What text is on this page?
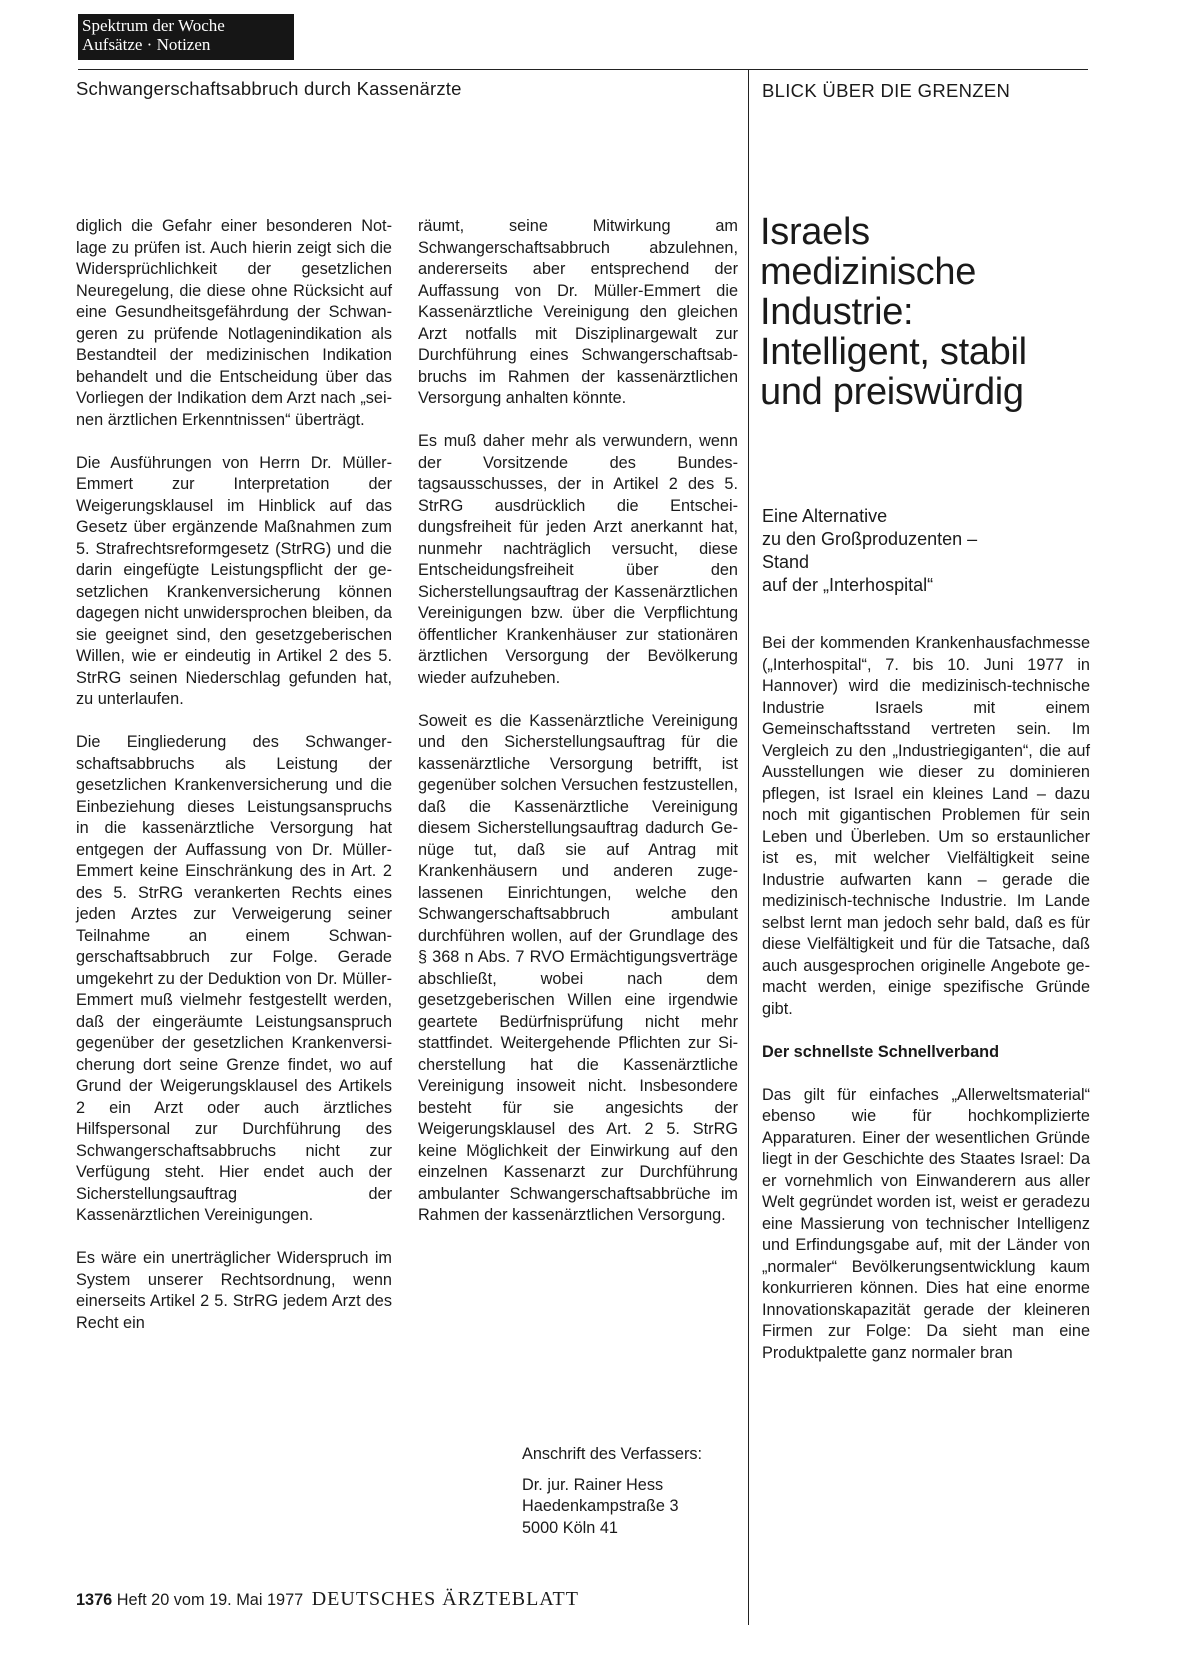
Spektrum der Woche
Aufsätze · Notizen
Schwangerschaftsabbruch durch Kassenärzte	BLICK ÜBER DIE GRENZEN

diglich die Gefahr einer besonderen Notlage zu prüfen ist. Auch hierin zeigt sich die Widersprüchlichkeit der gesetzlichen Neuregelung, die diese ohne Rücksicht auf eine Gesundheitsgefährdung der Schwangeren zu prüfende Notlagenindikation als Bestandteil der medizinischen Indikation behandelt und die Entscheidung über das Vorliegen der Indikation dem Arzt nach „seinen ärztlichen Erkenntnissen“ überträgt.

Die Ausführungen von Herrn Dr. Müller-Emmert zur Interpretation der Weigerungsklausel im Hinblick auf das Gesetz über ergänzende Maßnahmen zum 5. Strafrechtsreformgesetz (StrRG) und die darin eingefügte Leistungspflicht der gesetzlichen Krankenversicherung können dagegen nicht unwidersprochen bleiben, da sie geeignet sind, den gesetzgeberischen Willen, wie er eindeutig in Artikel 2 des 5. StrRG seinen Niederschlag gefunden hat, zu unterlaufen.

Die Eingliederung des Schwangerschaftsabbruchs als Leistung der gesetzlichen Krankenversicherung und die Einbeziehung dieses Leistungsanspruchs in die kassenärztliche Versorgung hat entgegen der Auffassung von Dr. Müller-Emmert keine Einschränkung des in Art. 2 des 5. StrRG verankerten Rechts eines jeden Arztes zur Verweigerung seiner Teilnahme an einem Schwangerschaftsabbruch zur Folge. Gerade umgekehrt zu der Deduktion von Dr. Müller-Emmert muß vielmehr festgestellt werden, daß der eingeräumte Leistungsanspruch gegenüber der gesetzlichen Krankenversicherung dort seine Grenze findet, wo auf Grund der Weigerungsklausel des Artikels 2 ein Arzt oder auch ärztliches Hilfspersonal zur Durchführung des Schwangerschaftsabbruchs nicht zur Verfügung steht. Hier endet auch der Sicherstellungsauftrag der Kassenärztlichen Vereinigungen.

Es wäre ein unerträglicher Widerspruch im System unserer Rechtsordnung, wenn einerseits Artikel 2 5. StrRG jedem Arzt des Recht ein

räumt, seine Mitwirkung am Schwangerschaftsabbruch abzulehnen, andererseits aber entsprechend der Auffassung von Dr. Müller-Emmert die Kassenärztliche Vereinigung den gleichen Arzt notfalls mit Disziplinargewalt zur Durchführung eines Schwangerschaftsabbruchs im Rahmen der kassenärztlichen Versorgung anhalten könnte.

Es muß daher mehr als verwundern, wenn der Vorsitzende des Bundestagsausschusses, der in Artikel 2 des 5. StrRG ausdrücklich die Entscheidungsfreiheit für jeden Arzt anerkannt hat, nunmehr nachträglich versucht, diese Entscheidungsfreiheit über den Sicherstellungsauftrag der Kassenärztlichen Vereinigungen bzw. über die Verpflichtung öffentlicher Krankenhäuser zur stationären ärztlichen Versorgung der Bevölkerung wieder aufzuheben.

Soweit es die Kassenärztliche Vereinigung und den Sicherstellungsauftrag für die kassenärztliche Versorgung betrifft, ist gegenüber solchen Versuchen festzustellen, daß die Kassenärztliche Vereinigung diesem Sicherstellungsauftrag dadurch Genüge tut, daß sie auf Antrag mit Krankenhäusern und anderen zugelassenen Einrichtungen, welche den Schwangerschaftsabbruch ambulant durchführen wollen, auf der Grundlage des § 368 n Abs. 7 RVO Ermächtigungsverträge abschließt, wobei nach dem gesetzgeberischen Willen eine irgendwie geartete Bedürfnisprüfung nicht mehr stattfindet. Weitergehende Pflichten zur Sicherstellung hat die Kassenärztliche Vereinigung insoweit nicht. Insbesondere besteht für sie angesichts der Weigerungsklausel des Art. 2 5. StrRG keine Möglichkeit der Einwirkung auf den einzelnen Kassenarzt zur Durchführung ambulanter Schwangerschaftsabbrüche im Rahmen der kassenärztlichen Versorgung.

Anschrift des Verfassers:
Dr. jur. Rainer Hess
Haedenkampstraße 3
5000 Köln 41
Israels medizinische Industrie: Intelligent, stabil und preiswürdig
Eine Alternative
zu den Großproduzenten –
Stand
auf der „Interhospital“

Bei der kommenden Krankenhausfachmesse („Interhospital“, 7. bis 10. Juni 1977 in Hannover) wird die medizinisch-technische Industrie Israels mit einem Gemeinschaftsstand vertreten sein. Im Vergleich zu den „Industriegiganten“, die auf Ausstellungen wie dieser zu dominieren pflegen, ist Israel ein kleines Land – dazu noch mit gigantischen Problemen für sein Leben und Überleben. Um so erstaunlicher ist es, mit welcher Vielfältigkeit seine Industrie aufwarten kann – gerade die medizinisch-technische Industrie. Im Lande selbst lernt man jedoch sehr bald, daß es für diese Vielfältigkeit und für die Tatsache, daß auch ausgesprochen originelle Angebote gemacht werden, einige spezifische Gründe gibt.

Der schnellste Schnellverband

Das gilt für einfaches „Allerweltsmaterial“ ebenso wie für hochkomplizierte Apparaturen. Einer der wesentlichen Gründe liegt in der Geschichte des Staates Israel: Da er vornehmlich von Einwanderern aus aller Welt gegründet worden ist, weist er geradezu eine Massierung von technischer Intelligenz und Erfindungsgabe auf, mit der Länder von „normaler“ Bevölkerungsentwicklung kaum konkurrieren können. Dies hat eine enorme Innovationskapazität gerade der kleineren Firmen zur Folge: Da sieht man eine Produktpalette ganz normaler bran

1376 Heft 20 vom 19. Mai 1977 DEUTSCHES ÄRZTEBLATT
